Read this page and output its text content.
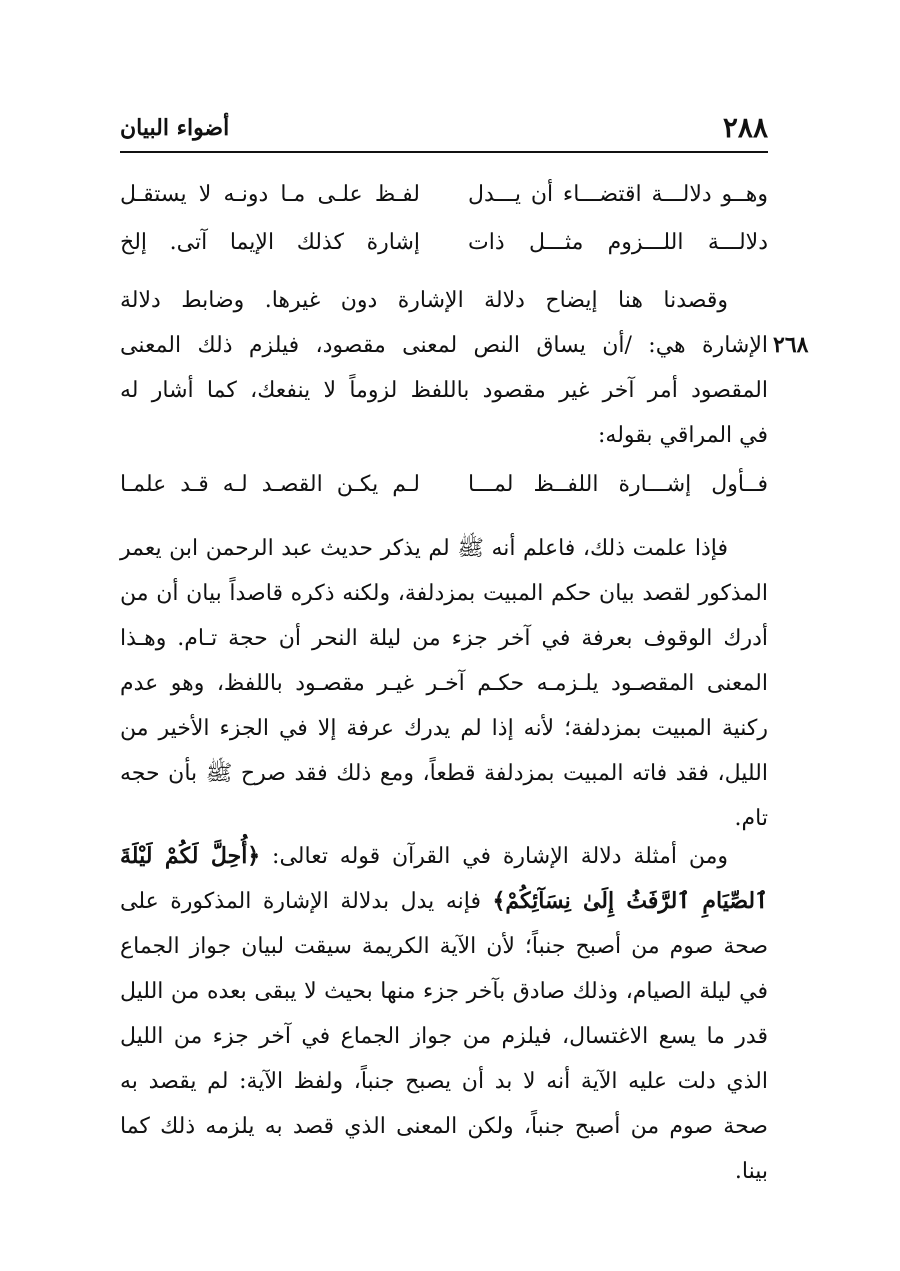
٢٨٨
أضواء البيان
وهــو دلالـــة اقتضـــاء أن يـــدل
لفـظ علـى مـا دونـه لا يستقـل
دلالـــة اللـــزوم مثـــل ذات
إشارة كذلك الإيما آتى. إلخ

وقصدنا هنا إيضاح دلالة الإشارة دون غيرها. وضابط دلالة

الإشارة هي: /أن يساق النص لمعنى مقصود، فيلزم ذلك المعنى

المقصود أمر آخر غير مقصود باللفظ لزوماً لا ينفعك، كما أشار له

في المراقي بقوله:

٢٦٨
فــأول إشـــارة اللفــظ لمـــا
لـم يكـن القصـد لـه قـد علمـا

فإذا علمت ذلك، فاعلم أنه ﷺ لم يذكر حديث عبد الرحمن ابن يعمر المذكور لقصد بيان حكم المبيت بمزدلفة، ولكنه ذكره قاصداً بيان أن من أدرك الوقوف بعرفة في آخر جزء من ليلة النحر أن حجة تـام. وهـذا المعنى المقصـود يلـزمـه حكـم آخـر غيـر مقصـود باللفظ، وهو عدم ركنية المبيت بمزدلفة؛ لأنه إذا لم يدرك عرفة إلا في الجزء الأخير من الليل، فقد فاته المبيت بمزدلفة قطعاً، ومع ذلك فقد صرح ﷺ بأن حجه تام.

ومن أمثلة دلالة الإشارة في القرآن قوله تعالى: ﴿أُحِلَّ لَكُمْ لَيْلَةَ ٱلصِّيَامِ ٱلرَّفَثُ إِلَىٰ نِسَآئِكُمْ﴾ فإنه يدل بدلالة الإشارة المذكورة على صحة صوم من أصبح جنباً؛ لأن الآية الكريمة سيقت لبيان جواز الجماع في ليلة الصيام، وذلك صادق بآخر جزء منها بحيث لا يبقى بعده من الليل قدر ما يسع الاغتسال، فيلزم من جواز الجماع في آخر جزء من الليل الذي دلت عليه الآية أنه لا بد أن يصبح جنباً، ولفظ الآية: لم يقصد به صحة صوم من أصبح جنباً، ولكن المعنى الذي قصد به يلزمه ذلك كما بينا.
